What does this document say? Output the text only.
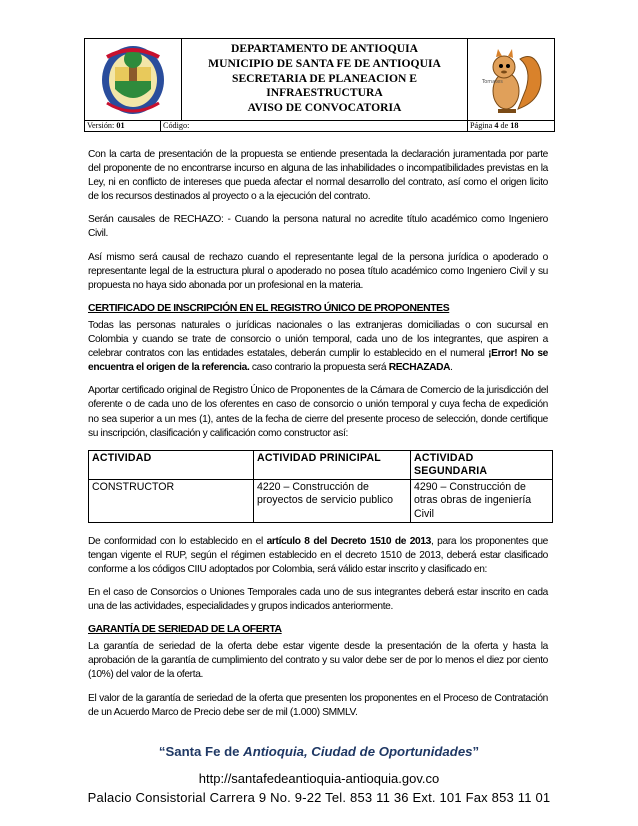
DEPARTAMENTO DE ANTIOQUIA
MUNICIPIO DE SANTA FE DE ANTIOQUIA
SECRETARIA DE PLANEACION E
INFRAESTRUCTURA
AVISO DE CONVOCATORIA
Tomates
Versión: 01	Código:	Página 4 de 18

Con la carta de presentación de la propuesta se entiende presentada la declaración juramentada por parte del proponente de no encontrarse incurso en alguna de las inhabilidades o incompatibilidades previstas en la Ley, ni en conflicto de intereses que pueda afectar el normal desarrollo del contrato, así como el origen licito de los recursos destinados al proyecto o a la ejecución del contrato.

Serán causales de RECHAZO: - Cuando la persona natural no acredite título académico como Ingeniero Civil.

Así mismo será causal de rechazo cuando el representante legal de la persona jurídica o apoderado o representante legal de la estructura plural o apoderado no posea título académico como Ingeniero Civil y su propuesta no haya sido abonada por un profesional en la materia.

CERTIFICADO DE INSCRIPCIÓN EN EL REGISTRO ÚNICO DE PROPONENTES

Todas las personas naturales o jurídicas nacionales o las extranjeras domiciliadas o con sucursal en Colombia y cuando se trate de consorcio o unión temporal, cada uno de los integrantes, que aspiren a celebrar contratos con las entidades estatales, deberán cumplir lo establecido en el numeral ¡Error! No se encuentra el origen de la referencia. caso contrario la propuesta será RECHAZADA.

Aportar certificado original de Registro Único de Proponentes de la Cámara de Comercio de la jurisdicción del oferente o de cada uno de los oferentes en caso de consorcio o unión temporal y cuya fecha de expedición no sea superior a un mes (1), antes de la fecha de cierre del presente proceso de selección, donde certifique su inscripción, clasificación y calificación como constructor así:

ACTIVIDAD	ACTIVIDAD PRINICIPAL	ACTIVIDAD SEGUNDARIA
CONSTRUCTOR	4220 – Construcción de proyectos de servicio publico	4290 – Construcción de otras obras de ingeniería Civil

De conformidad con lo establecido en el artículo 8 del Decreto 1510 de 2013, para los proponentes que tengan vigente el RUP, según el régimen establecido en el decreto 1510 de 2013, deberá estar clasificado conforme a los códigos CIIU adoptados por Colombia, será válido estar inscrito y clasificado en:

En el caso de Consorcios o Uniones Temporales cada uno de sus integrantes deberá estar inscrito en cada una de las actividades, especialidades y grupos indicados anteriormente.

GARANTÍA DE SERIEDAD DE LA OFERTA

La garantía de seriedad de la oferta debe estar vigente desde la presentación de la oferta y hasta la aprobación de la garantía de cumplimiento del contrato y su valor debe ser de por lo menos el diez por ciento (10%) del valor de la oferta.

El valor de la garantía de seriedad de la oferta que presenten los proponentes en el Proceso de Contratación de un Acuerdo Marco de Precio debe ser de mil (1.000) SMMLV.

“Santa Fe de Antioquia, Ciudad de Oportunidades”
http://santafedeantioquia-antioquia.gov.co
Palacio Consistorial Carrera 9 No. 9-22 Tel. 853 11 36 Ext. 101 Fax 853 11 01
